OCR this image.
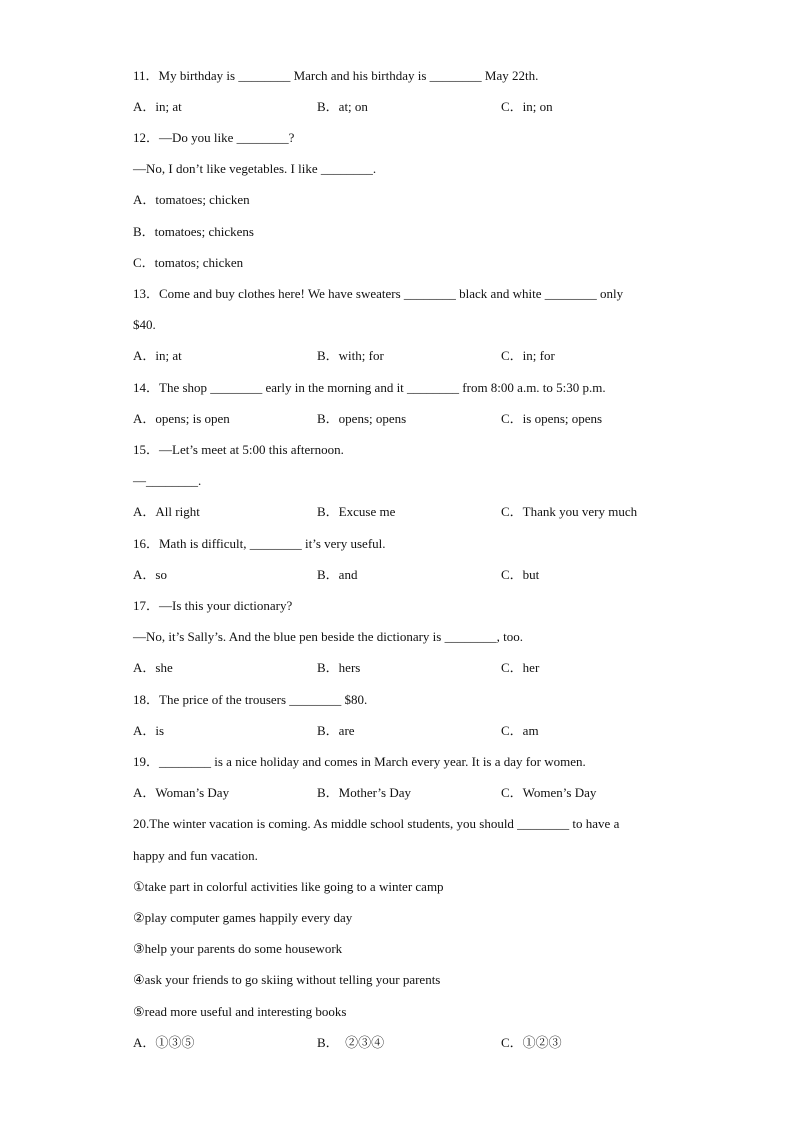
11．My birthday is ________ March and his birthday is ________ May 22th.
A．in; at	B．at; on	C．in; on
12．—Do you like ________?
—No, I don’t like vegetables. I like ________.
A．tomatoes; chicken
B．tomatoes; chickens
C．tomatos; chicken
13．Come and buy clothes here! We have sweaters ________ black and white ________ only
$40.
A．in; at	B．with; for	C．in; for
14．The shop ________ early in the morning and it ________ from 8:00 a.m. to 5:30 p.m.
A．opens; is open	B．opens; opens	C．is opens; opens
15．—Let’s meet at 5:00 this afternoon.
—________.
A．All right	B．Excuse me	C．Thank you very much
16．Math is difficult, ________ it’s very useful.
A．so	B．and	C．but
17．—Is this your dictionary?
—No, it’s Sally’s. And the blue pen beside the dictionary is ________, too.
A．she	B．hers	C．her
18．The price of the trousers ________ $80.
A．is	B．are	C．am
19．________ is a nice holiday and comes in March every year. It is a day for women.
A．Woman’s Day	B．Mother’s Day	C．Women’s Day
20.The winter vacation is coming. As middle school students, you should ________ to have a
happy and fun vacation.
①take part in colorful activities like going to a winter camp
②play computer games happily every day
③help your parents do some housework
④ask your friends to go skiing without telling your parents
⑤read more useful and interesting books
A．①③⑤	B．  ②③④	C．①②③
